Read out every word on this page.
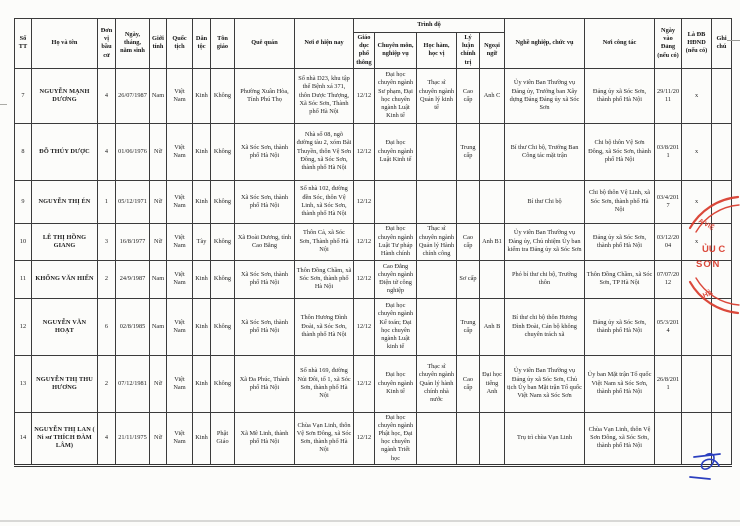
Số TT	Họ và tên	Đơn vị bầu cử	Ngày, tháng, năm sinh	Giới tính	Quốc tịch	Dân tộc	Tôn giáo	Quê quán	Nơi ở hiện nay	Trình độ					Nghề nghiệp, chức vụ	Nơi công tác	Ngày vào Đảng (nếu có)	Là ĐB HĐND (nếu có)	Ghi chú
										Giáo dục phổ thông	Chuyên môn, nghiệp vụ	Học hàm, học vị	Lý luận chính trị	Ngoại ngữ					
7	NGUYỄN MẠNH DƯƠNG	4	26/07/1987	Nam	Việt Nam	Kinh	Không	Phường Xuân Hòa, Tỉnh Phú Thọ	Số nhà D23, khu tập thể Bệnh xá 371, thôn Dược Thượng, Xã Sóc Sơn, Thành phố Hà Nội	12/12	Đại học chuyên ngành Sư phạm, Đại học chuyên ngành Luật Kinh tế	Thạc sĩ chuyên ngành Quản lý kinh tế	Cao cấp	Anh C	Ủy viên Ban Thường vụ Đảng ủy, Trưởng ban Xây dựng Đảng Đảng ủy xã Sóc Sơn	Đảng ủy xã Sóc Sơn, thành phố Hà Nội	29/11/2011	x	
8	ĐỖ THÚY DƯỢC	4	01/06/1976	Nữ	Việt Nam	Kinh	Không	Xã Sóc Sơn, thành phố Hà Nội	Nhà số 08, ngõ đường tàu 2, xóm Bãi Thuyền, thôn Vệ Sơn Đông, xã Sóc Sơn, thành phố Hà Nội	12/12	Đại học chuyên ngành Luật Kinh tế		Trung cấp		Bí thư Chi bộ, Trưởng Ban Công tác mặt trận	Chi bộ thôn Vệ Sơn Đông, xã Sóc Sơn, thành phố Hà Nội	03/8/2011	x	
9	NGUYỄN THỊ ÉN	1	05/12/1971	Nữ	Việt Nam	Kinh	Không	Xã Sóc Sơn, thành phố Hà Nội	Số nhà 102, đường đền Sóc, thôn Vệ Linh, xã Sóc Sơn, thành phố Hà Nội	12/12					Bí thư Chi bộ	Chi bộ thôn Vệ Linh, xã Sóc Sơn, thành phố Hà Nội	03/4/2017	x	
10	LÊ THỊ HỒNG GIANG	3	16/8/1977	Nữ	Việt Nam	Tày	Không	Xã Đoài Dương, tỉnh Cao Bằng	Thôn Cả, xã Sóc Sơn, Thành phố Hà Nội	12/12	Đại học chuyên ngành Luật Tư pháp Hành chính	Thạc sĩ chuyên ngành Quản lý Hành chính công	Cao cấp	Anh B1	Ủy viên Ban Thường vụ Đảng ủy, Chủ nhiệm Ủy ban kiểm tra Đảng ủy xã Sóc Sơn	Đảng ủy xã Sóc Sơn, thành phố Hà Nội	03/12/2004	x	
11	KHỔNG VĂN HIẾN	2	24/9/1987	Nam	Việt Nam	Kinh	Không	Xã Sóc Sơn, thành phố Hà Nội	Thôn Đồng Chầm, xã Sóc Sơn, thành phố Hà Nội	12/12	Cao Đẳng chuyên ngành Điện tử công nghiệp		Sơ cấp		Phó bí thư chi bộ, Trưởng thôn	Thôn Đồng Chầm, xã Sóc Sơn, TP Hà Nội	07/07/2012		
12	NGUYỄN VĂN HOẠT	6	02/8/1985	Nam	Việt Nam	Kinh	Không	Xã Sóc Sơn, thành phố Hà Nội	Thôn Hương Đình Đoài, xã Sóc Sơn, thành phố Hà Nội	12/12	Đại học chuyên ngành Kế toán; Đại học chuyên ngành Luật kinh tế		Trung cấp	Anh B	Bí thư chi bộ thôn Hương Đình Đoài, Cán bộ không chuyên trách xã	Đảng ủy xã Sóc Sơn, thành phố Hà Nội	05/3/2014		
13	NGUYỄN THỊ THU HƯƠNG	2	07/12/1981	Nữ	Việt Nam	Kinh	Không	Xã Đa Phúc, Thành phố Hà Nội	Số nhà 169, đường Núi Đôi, tổ 1, xã Sóc Sơn, thành phố Hà Nội	12/12	Đại học chuyên ngành Kinh tế	Thạc sĩ chuyên ngành Quản lý hành chính nhà nước	Cao cấp	Đại học tiếng Anh	Ủy viên Ban Thường vụ Đảng ủy xã Sóc Sơn, Chủ tịch Ủy ban Mặt trận Tổ quốc Việt Nam xã Sóc Sơn	Ủy ban Mặt trận Tổ quốc Việt Nam xã Sóc Sơn, thành phố Hà Nội	26/8/2011		
14	NGUYỄN THỊ LAN ( Ni sư THÍCH ĐÀM LÂM)	4	21/11/1975	Nữ	Việt Nam	Kinh	Phật Giáo	Xã Mê Linh, thành phố Hà Nội	Chùa Vạn Linh, thôn Vệ Sơn Đông, xã Sóc Sơn, thành phố Hà Nội	12/12	Đại học chuyên ngành Phật học, Đại học chuyên ngành Triết học				Trụ trì chùa Vạn Linh	Chùa Vạn Linh, thôn Vệ Sơn Đông, xã Sóc Sơn, thành phố Hà Nội			
A VIỆ
ỦU C
SƠN
HÀ
